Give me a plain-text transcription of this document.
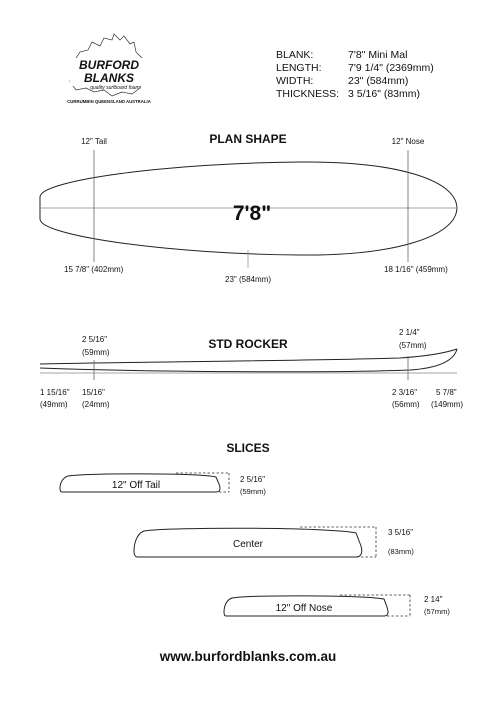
BURFORD
BLANKS
quality surfboard foam
CURRUMBIN QUEENSLAND AUSTRALIA
BLANK:	7'8" Mini Mal
LENGTH:	7'9 1/4" (2369mm)
WIDTH:	23" (584mm)
THICKNESS: 3 5/16" (83mm)
PLAN SHAPE
12" Tail	12" Nose
7'8"
15 7/8" (402mm)
23" (584mm)
18 1/16" (459mm)
STD ROCKER
2 5/16"
(59mm)
2 1/4"
(57mm)
1 15/16"
(49mm)
15/16"
(24mm)
2 3/16"
(56mm)
5 7/8"
(149mm)
SLICES
12" Off Tail
2 5/16"
(59mm)
Center
3 5/16"
(83mm)
12" Off Nose
2 14"
(57mm)
www.burfordblanks.com.au
